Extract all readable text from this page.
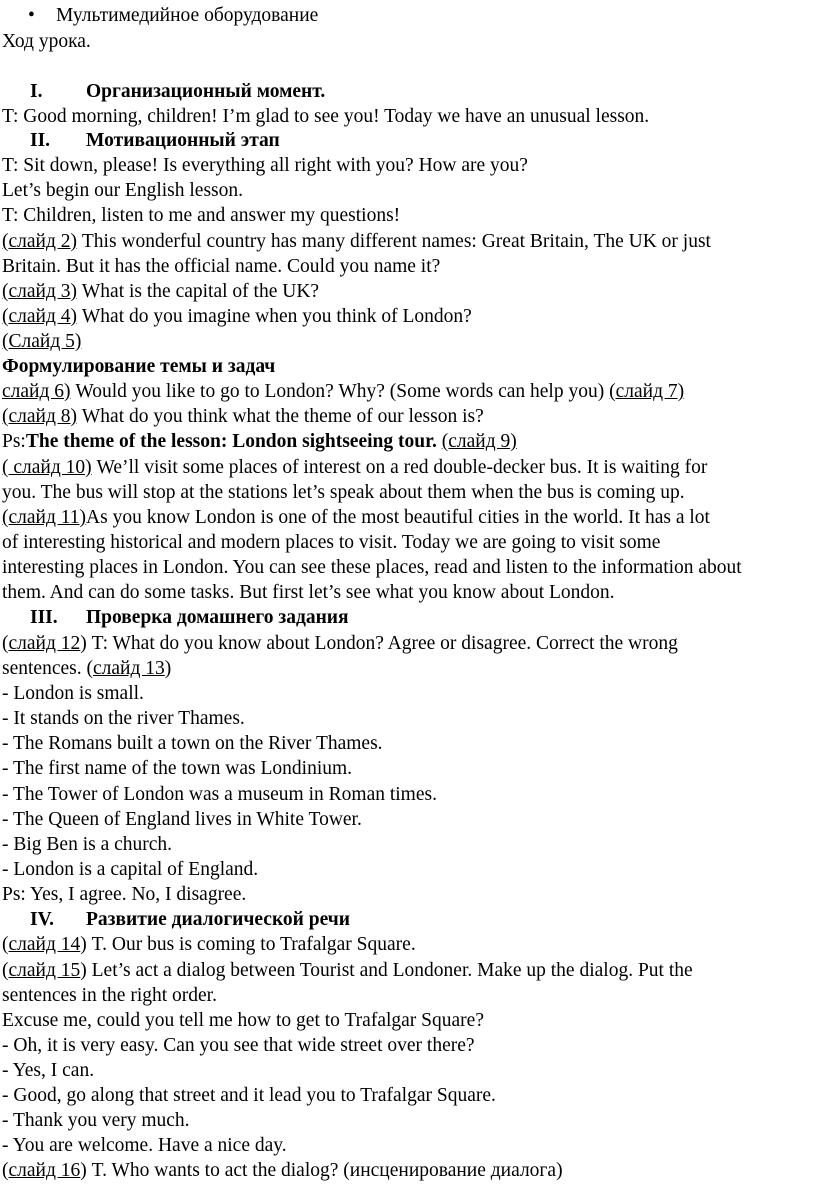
• Мультимедийное оборудование
Ход урока.
I. Организационный момент.
T: Good morning, children! I’m glad to see you! Today we have an unusual lesson.
II. Мотивационный этап
T: Sit down, please! Is everything all right with you? How are you?
Let’s begin our English lesson.
T: Children, listen to me and answer my questions!
(слайд 2) This wonderful country has many different names: Great Britain, The UK or just
Britain. But it has the official name. Could you name it?
(слайд 3) What is the capital of the UK?
(слайд 4) What do you imagine when you think of London?
(Слайд 5)
Формулирование темы и задач
слайд 6) Would you like to go to London? Why? (Some words can help you) (слайд 7)
(слайд 8) What do you think what the theme of our lesson is?
Ps:The theme of the lesson: London sightseeing tour. (слайд 9)
( слайд 10) We’ll visit some places of interest on a red double-decker bus. It is waiting for
you. The bus will stop at the stations let’s speak about them when the bus is coming up.
(слайд 11)As you know London is one of the most beautiful cities in the world. It has a lot
of interesting historical and modern places to visit. Today we are going to visit some
interesting places in London. You can see these places, read and listen to the information about
them. And can do some tasks. But first let’s see what you know about London.
III. Проверка домашнего задания
(слайд 12) T: What do you know about London? Agree or disagree. Correct the wrong
sentences. (слайд 13)
- London is small.
- It stands on the river Thames.
- The Romans built a town on the River Thames.
- The first name of the town was Londinium.
- The Tower of London was a museum in Roman times.
- The Queen of England lives in White Tower.
- Big Ben is a church.
- London is a capital of England.
Ps: Yes, I agree. No, I disagree.
IV. Развитие диалогической речи
(слайд 14) T. Our bus is coming to Trafalgar Square.
(слайд 15) Let’s act a dialog between Tourist and Londoner. Make up the dialog. Put the
sentences in the right order.
Excuse me, could you tell me how to get to Trafalgar Square?
- Oh, it is very easy. Can you see that wide street over there?
- Yes, I can.
- Good, go along that street and it lead you to Trafalgar Square.
- Thank you very much.
- You are welcome. Have a nice day.
(слайд 16) T. Who wants to act the dialog? (инсценирование диалога)
